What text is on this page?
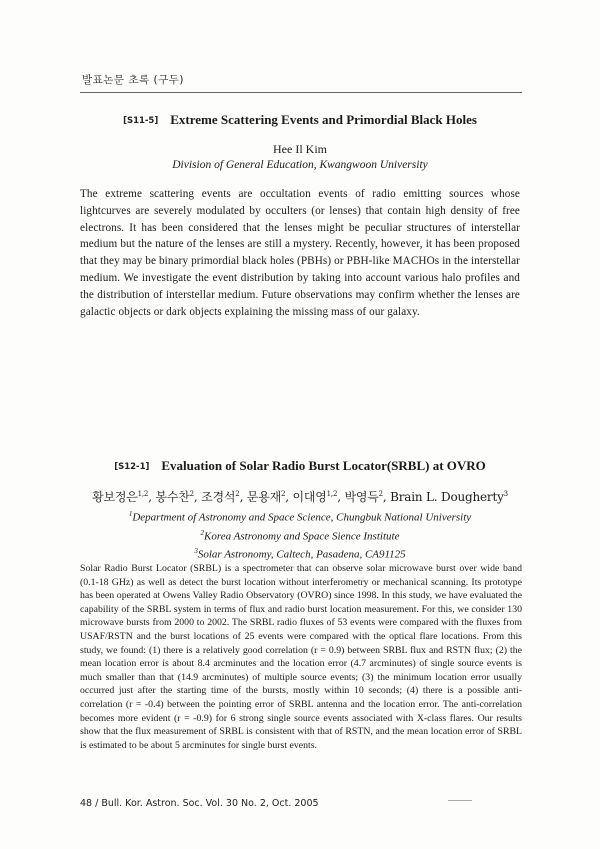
발표논문 초록 (구두)
[S11-5] Extreme Scattering Events and Primordial Black Holes
Hee Il Kim
Division of General Education, Kwangwoon University
The extreme scattering events are occultation events of radio emitting sources whose lightcurves are severely modulated by occulters (or lenses) that contain high density of free electrons. It has been considered that the lenses might be peculiar structures of interstellar medium but the nature of the lenses are still a mystery. Recently, however, it has been proposed that they may be binary primordial black holes (PBHs) or PBH-like MACHOs in the interstellar medium. We investigate the event distribution by taking into account various halo profiles and the distribution of interstellar medium. Future observations may confirm whether the lenses are galactic objects or dark objects explaining the missing mass of our galaxy.
[S12-1] Evaluation of Solar Radio Burst Locator(SRBL) at OVRO
황보정은$^{1,2}$, 봉수찬$^2$, 조경석$^2$, 문용재$^2$, 이대영$^{1,2}$, 박영득$^2$, Brain L. Dougherty$^3$
$^1$Department of Astronomy and Space Science, Chungbuk National University
$^2$Korea Astronomy and Space Sience Institute
$^3$Solar Astronomy, Caltech, Pasadena, CA91125
Solar Radio Burst Locator (SRBL) is a spectrometer that can observe solar microwave burst over wide band (0.1-18 GHz) as well as detect the burst location without interferometry or mechanical scanning. Its prototype has been operated at Owens Valley Radio Observatory (OVRO) since 1998. In this study, we have evaluated the capability of the SRBL system in terms of flux and radio burst location measurement. For this, we consider 130 microwave bursts from 2000 to 2002. The SRBL radio fluxes of 53 events were compared with the fluxes from USAF/RSTN and the burst locations of 25 events were compared with the optical flare locations. From this study, we found: (1) there is a relatively good correlation (r = 0.9) between SRBL flux and RSTN flux; (2) the mean location error is about 8.4 arcminutes and the location error (4.7 arcminutes) of single source events is much smaller than that (14.9 arcminutes) of multiple source events; (3) the minimum location error usually occurred just after the starting time of the bursts, mostly within 10 seconds; (4) there is a possible anti-correlation (r = -0.4) between the pointing error of SRBL antenna and the location error. The anti-correlation becomes more evident (r = -0.9) for 6 strong single source events associated with X-class flares. Our results show that the flux measurement of SRBL is consistent with that of RSTN, and the mean location error of SRBL is estimated to be about 5 arcminutes for single burst events.
48 / Bull. Kor. Astron. Soc. Vol. 30 No. 2, Oct. 2005
